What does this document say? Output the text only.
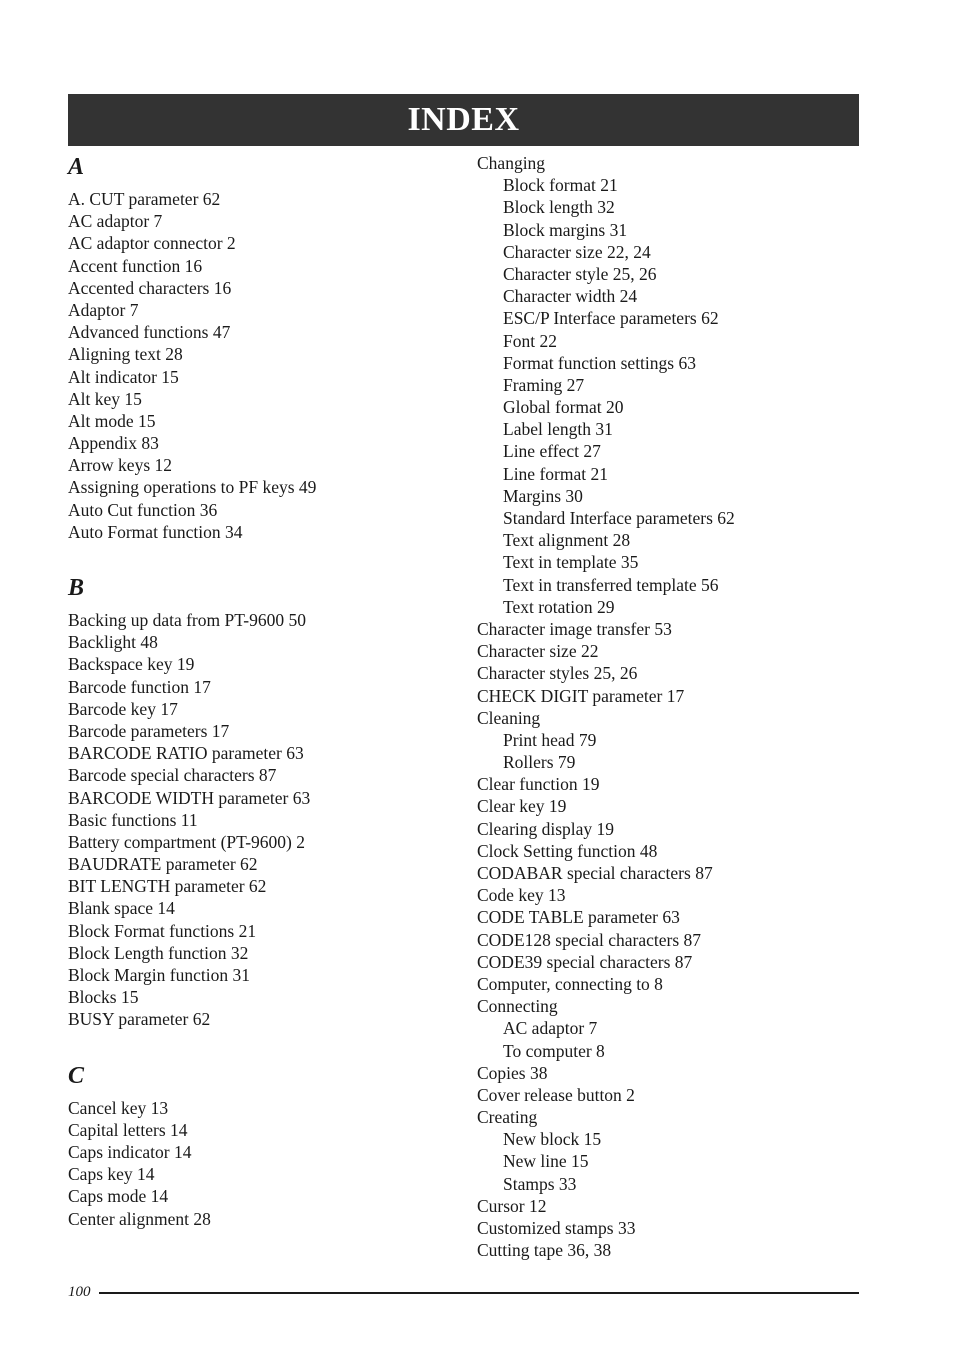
INDEX
A
A. CUT parameter 62
AC adaptor 7
AC adaptor connector 2
Accent function 16
Accented characters 16
Adaptor 7
Advanced functions 47
Aligning text 28
Alt indicator 15
Alt key 15
Alt mode 15
Appendix 83
Arrow keys 12
Assigning operations to PF keys 49
Auto Cut function 36
Auto Format function 34
B
Backing up data from PT-9600 50
Backlight 48
Backspace key 19
Barcode function 17
Barcode key 17
Barcode parameters 17
BARCODE RATIO parameter 63
Barcode special characters 87
BARCODE WIDTH parameter 63
Basic functions 11
Battery compartment (PT-9600) 2
BAUDRATE parameter 62
BIT LENGTH parameter 62
Blank space 14
Block Format functions 21
Block Length function 32
Block Margin function 31
Blocks 15
BUSY parameter 62
C
Cancel key 13
Capital letters 14
Caps indicator 14
Caps key 14
Caps mode 14
Center alignment 28
Changing
Block format 21
Block length 32
Block margins 31
Character size 22, 24
Character style 25, 26
Character width 24
ESC/P Interface parameters 62
Font 22
Format function settings 63
Framing 27
Global format 20
Label length 31
Line effect 27
Line format 21
Margins 30
Standard Interface parameters 62
Text alignment 28
Text in template 35
Text in transferred template 56
Text rotation 29
Character image transfer 53
Character size 22
Character styles 25, 26
CHECK DIGIT parameter 17
Cleaning
Print head 79
Rollers 79
Clear function 19
Clear key 19
Clearing display 19
Clock Setting function 48
CODABAR special characters 87
Code key 13
CODE TABLE parameter 63
CODE128 special characters 87
CODE39 special characters 87
Computer, connecting to 8
Connecting
AC adaptor 7
To computer 8
Copies 38
Cover release button 2
Creating
New block 15
New line 15
Stamps 33
Cursor 12
Customized stamps 33
Cutting tape 36, 38
100
